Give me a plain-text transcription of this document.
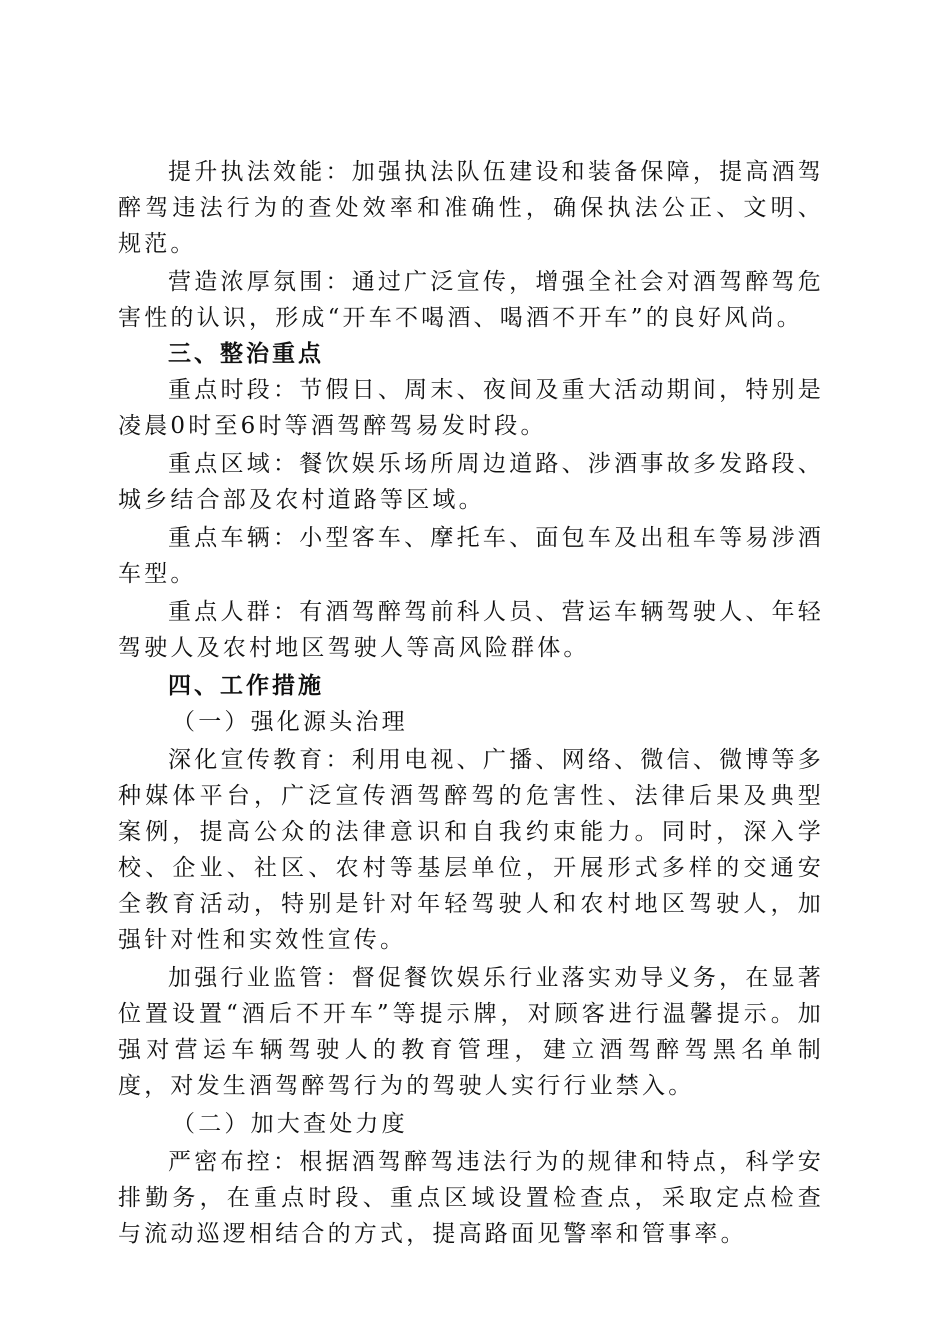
提升执法效能：加强执法队伍建设和装备保障，提高酒驾醉驾违法行为的查处效率和准确性，确保执法公正、文明、规范。

营造浓厚氛围：通过广泛宣传，增强全社会对酒驾醉驾危害性的认识，形成“开车不喝酒、喝酒不开车”的良好风尚。

三、整治重点

重点时段：节假日、周末、夜间及重大活动期间，特别是凌晨0时至6时等酒驾醉驾易发时段。

重点区域：餐饮娱乐场所周边道路、涉酒事故多发路段、城乡结合部及农村道路等区域。

重点车辆：小型客车、摩托车、面包车及出租车等易涉酒车型。

重点人群：有酒驾醉驾前科人员、营运车辆驾驶人、年轻驾驶人及农村地区驾驶人等高风险群体。

四、工作措施

（一）强化源头治理

深化宣传教育：利用电视、广播、网络、微信、微博等多种媒体平台，广泛宣传酒驾醉驾的危害性、法律后果及典型案例，提高公众的法律意识和自我约束能力。同时，深入学校、企业、社区、农村等基层单位，开展形式多样的交通安全教育活动，特别是针对年轻驾驶人和农村地区驾驶人，加强针对性和实效性宣传。

加强行业监管：督促餐饮娱乐行业落实劝导义务，在显著位置设置“酒后不开车”等提示牌，对顾客进行温馨提示。加强对营运车辆驾驶人的教育管理，建立酒驾醉驾黑名单制度，对发生酒驾醉驾行为的驾驶人实行行业禁入。

（二）加大查处力度

严密布控：根据酒驾醉驾违法行为的规律和特点，科学安排勤务，在重点时段、重点区域设置检查点，采取定点检查与流动巡逻相结合的方式，提高路面见警率和管事率。
